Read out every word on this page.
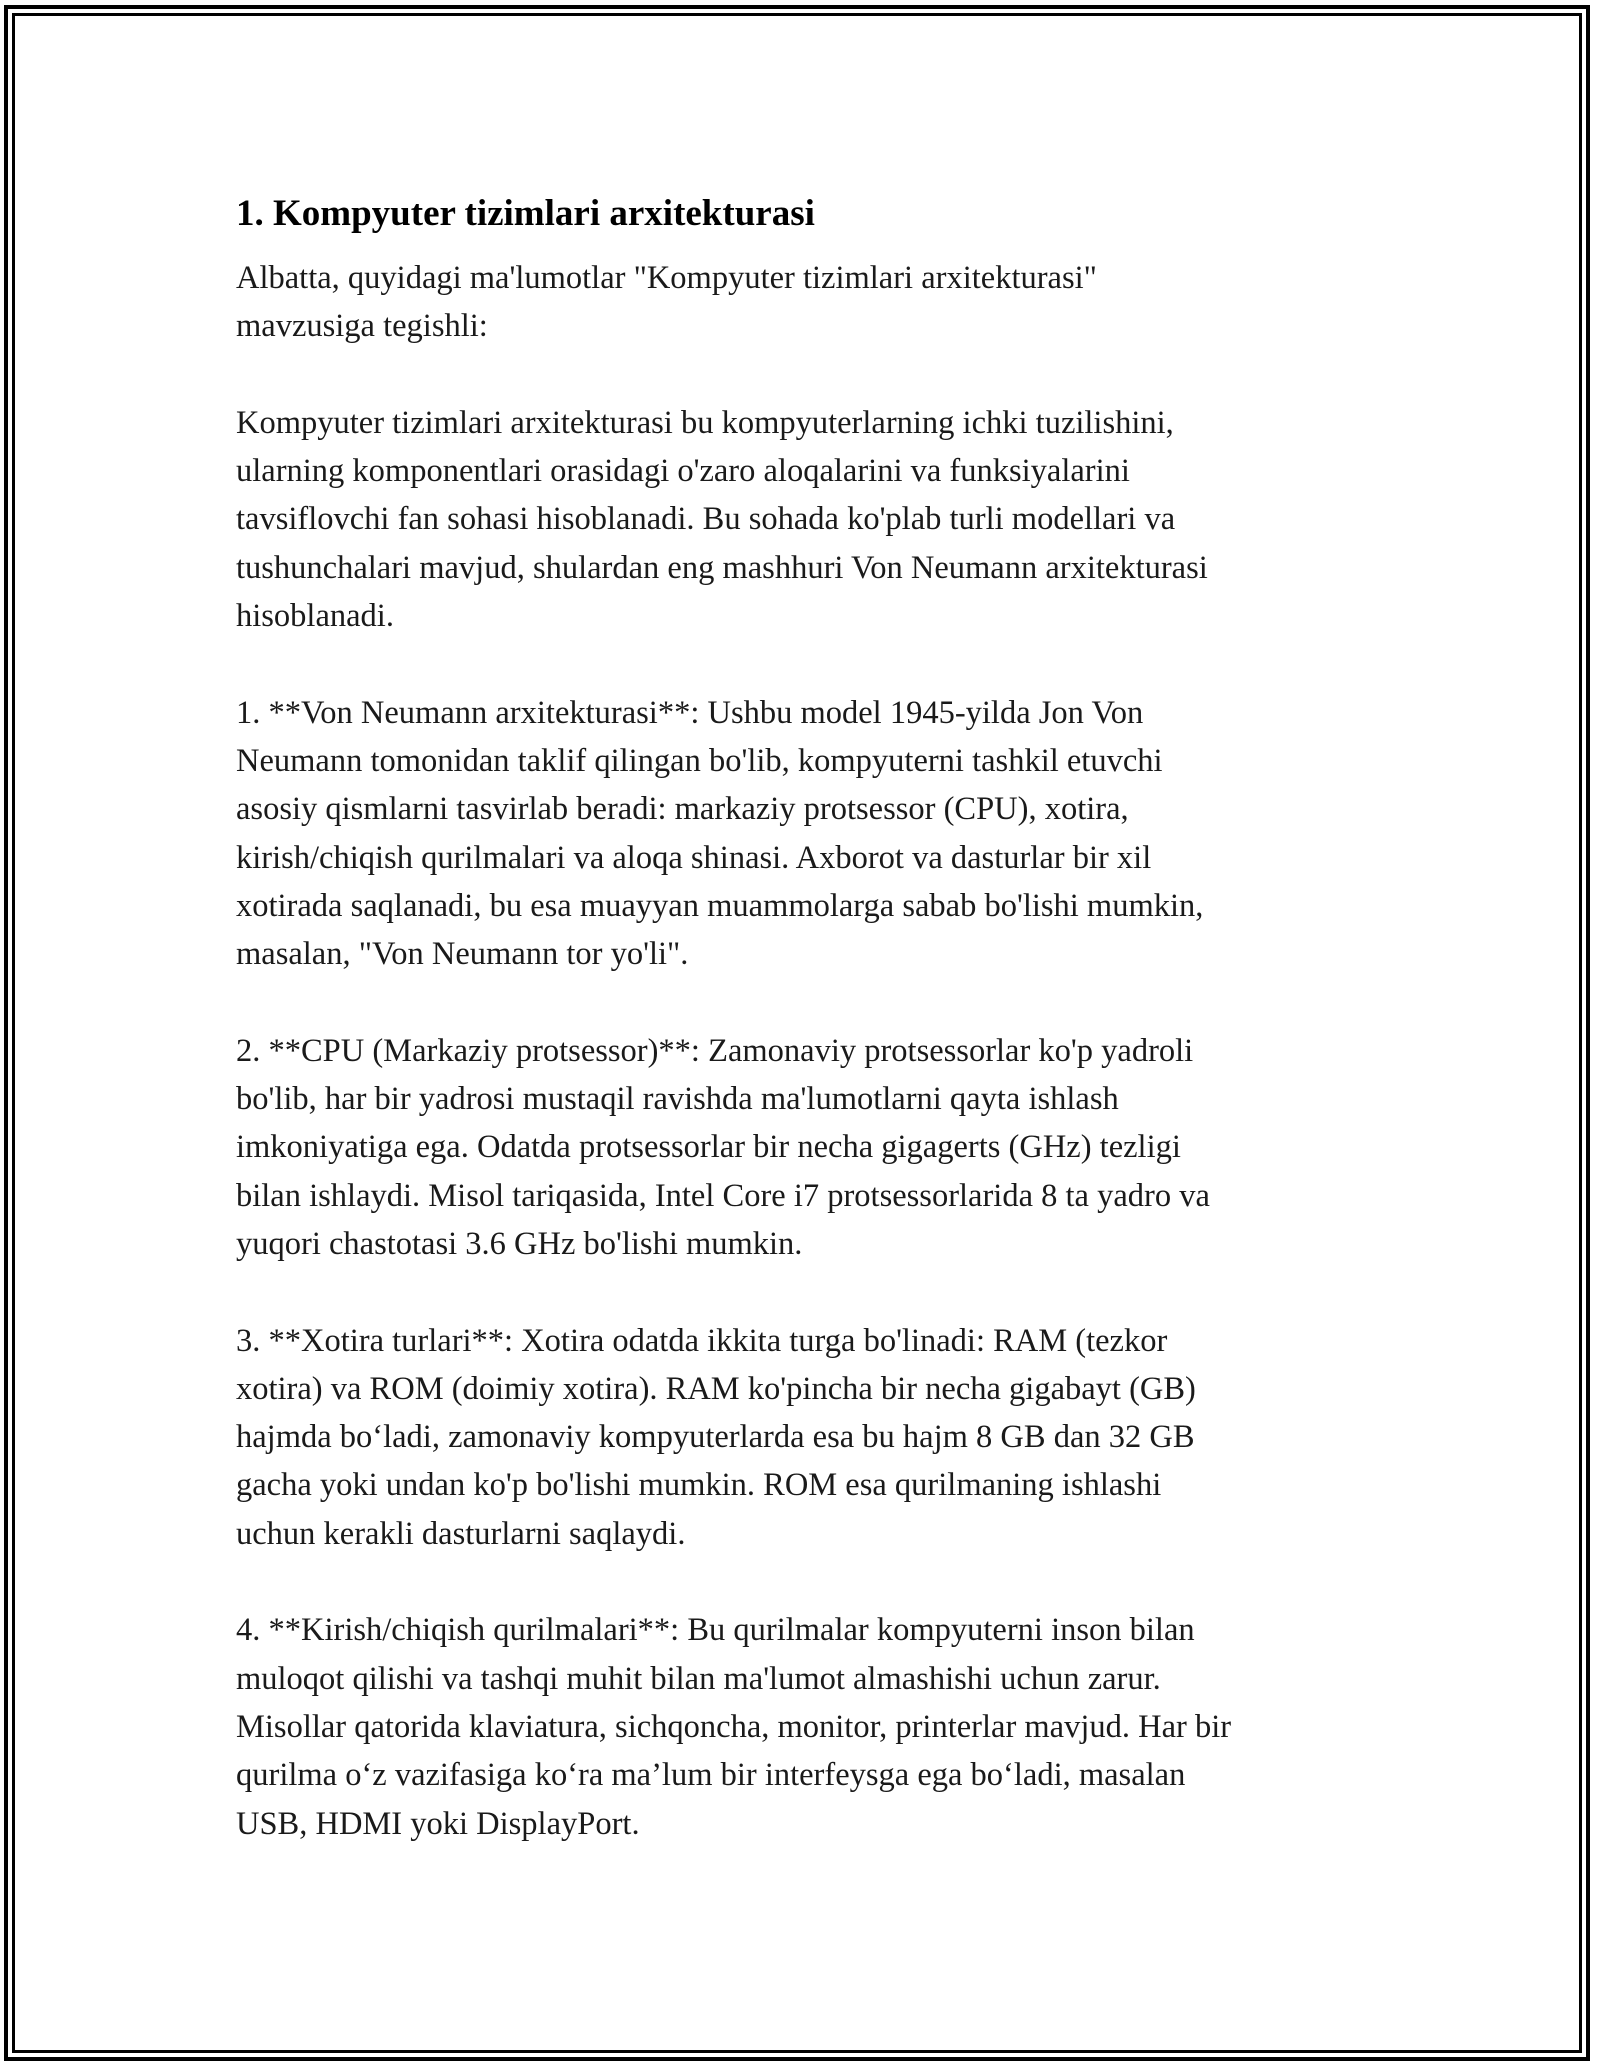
1. Kompyuter tizimlari arxitekturasi

Albatta, quyidagi ma'lumotlar "Kompyuter tizimlari arxitekturasi"
mavzusiga tegishli:

Kompyuter tizimlari arxitekturasi bu kompyuterlarning ichki tuzilishini,
ularning komponentlari orasidagi o'zaro aloqalarini va funksiyalarini
tavsiflovchi fan sohasi hisoblanadi. Bu sohada ko'plab turli modellari va
tushunchalari mavjud, shulardan eng mashhuri Von Neumann arxitekturasi
hisoblanadi.

1. **Von Neumann arxitekturasi**: Ushbu model 1945-yilda Jon Von
Neumann tomonidan taklif qilingan bo'lib, kompyuterni tashkil etuvchi
asosiy qismlarni tasvirlab beradi: markaziy protsessor (CPU), xotira,
kirish/chiqish qurilmalari va aloqa shinasi. Axborot va dasturlar bir xil
xotirada saqlanadi, bu esa muayyan muammolarga sabab bo'lishi mumkin,
masalan, "Von Neumann tor yo'li".

2. **CPU (Markaziy protsessor)**: Zamonaviy protsessorlar ko'p yadroli
bo'lib, har bir yadrosi mustaqil ravishda ma'lumotlarni qayta ishlash
imkoniyatiga ega. Odatda protsessorlar bir necha gigagerts (GHz) tezligi
bilan ishlaydi. Misol tariqasida, Intel Core i7 protsessorlarida 8 ta yadro va
yuqori chastotasi 3.6 GHz bo'lishi mumkin.

3. **Xotira turlari**: Xotira odatda ikkita turga bo'linadi: RAM (tezkor
xotira) va ROM (doimiy xotira). RAM ko'pincha bir necha gigabayt (GB)
hajmda bo‘ladi, zamonaviy kompyuterlarda esa bu hajm 8 GB dan 32 GB
gacha yoki undan ko'p bo'lishi mumkin. ROM esa qurilmaning ishlashi
uchun kerakli dasturlarni saqlaydi.

4. **Kirish/chiqish qurilmalari**: Bu qurilmalar kompyuterni inson bilan
muloqot qilishi va tashqi muhit bilan ma'lumot almashishi uchun zarur.
Misollar qatorida klaviatura, sichqoncha, monitor, printerlar mavjud. Har bir
qurilma o‘z vazifasiga ko‘ra ma’lum bir interfeysga ega bo‘ladi, masalan
USB, HDMI yoki DisplayPort.
